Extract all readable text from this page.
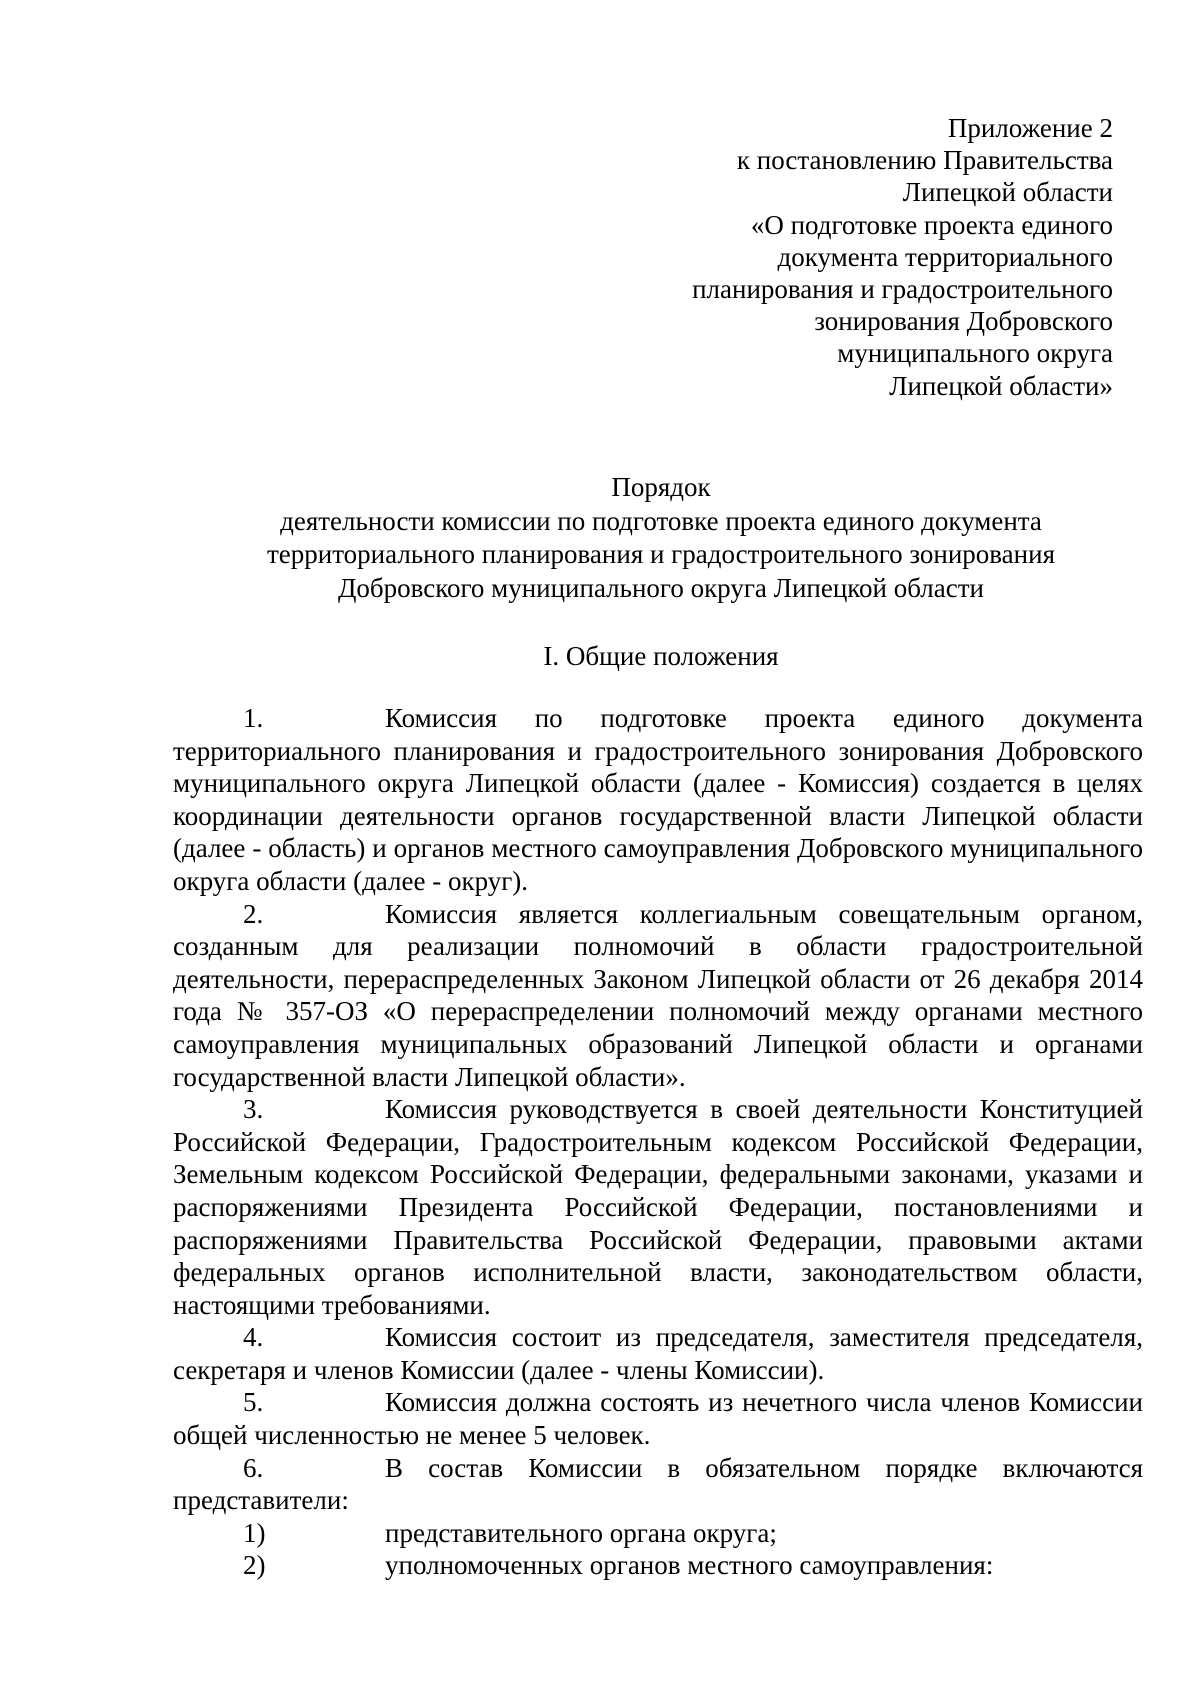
Приложение 2
к постановлению Правительства
Липецкой области
«О подготовке проекта единого
документа территориального
планирования и градостроительного
зонирования Добровского
муниципального округа
Липецкой области»
Порядок
деятельности комиссии по подготовке проекта единого документа
территориального планирования и градостроительного зонирования
Добровского муниципального округа Липецкой области
I. Общие положения

1.	Комиссия по подготовке проекта единого документа территориального планирования и градостроительного зонирования Добровского муниципального округа Липецкой области (далее - Комиссия) создается в целях координации деятельности органов государственной власти Липецкой области (далее - область) и органов местного самоуправления Добровского муниципального округа области (далее - округ).

2.	Комиссия является коллегиальным совещательным органом, созданным для реализации полномочий в области градостроительной деятельности, перераспределенных Законом Липецкой области от 26 декабря 2014 года № 357-ОЗ «О перераспределении полномочий между органами местного самоуправления муниципальных образований Липецкой области и органами государственной власти Липецкой области».

3.	Комиссия руководствуется в своей деятельности Конституцией Российской Федерации, Градостроительным кодексом Российской Федерации, Земельным кодексом Российской Федерации, федеральными законами, указами и распоряжениями Президента Российской Федерации, постановлениями и распоряжениями Правительства Российской Федерации, правовыми актами федеральных органов исполнительной власти, законодательством области, настоящими требованиями.

4.	Комиссия состоит из председателя, заместителя председателя, секретаря и членов Комиссии (далее - члены Комиссии).

5.	Комиссия должна состоять из нечетного числа членов Комиссии общей численностью не менее 5 человек.

6.	В состав Комиссии в обязательном порядке включаются представители:

1)	представительного органа округа;

2)	уполномоченных органов местного самоуправления:
